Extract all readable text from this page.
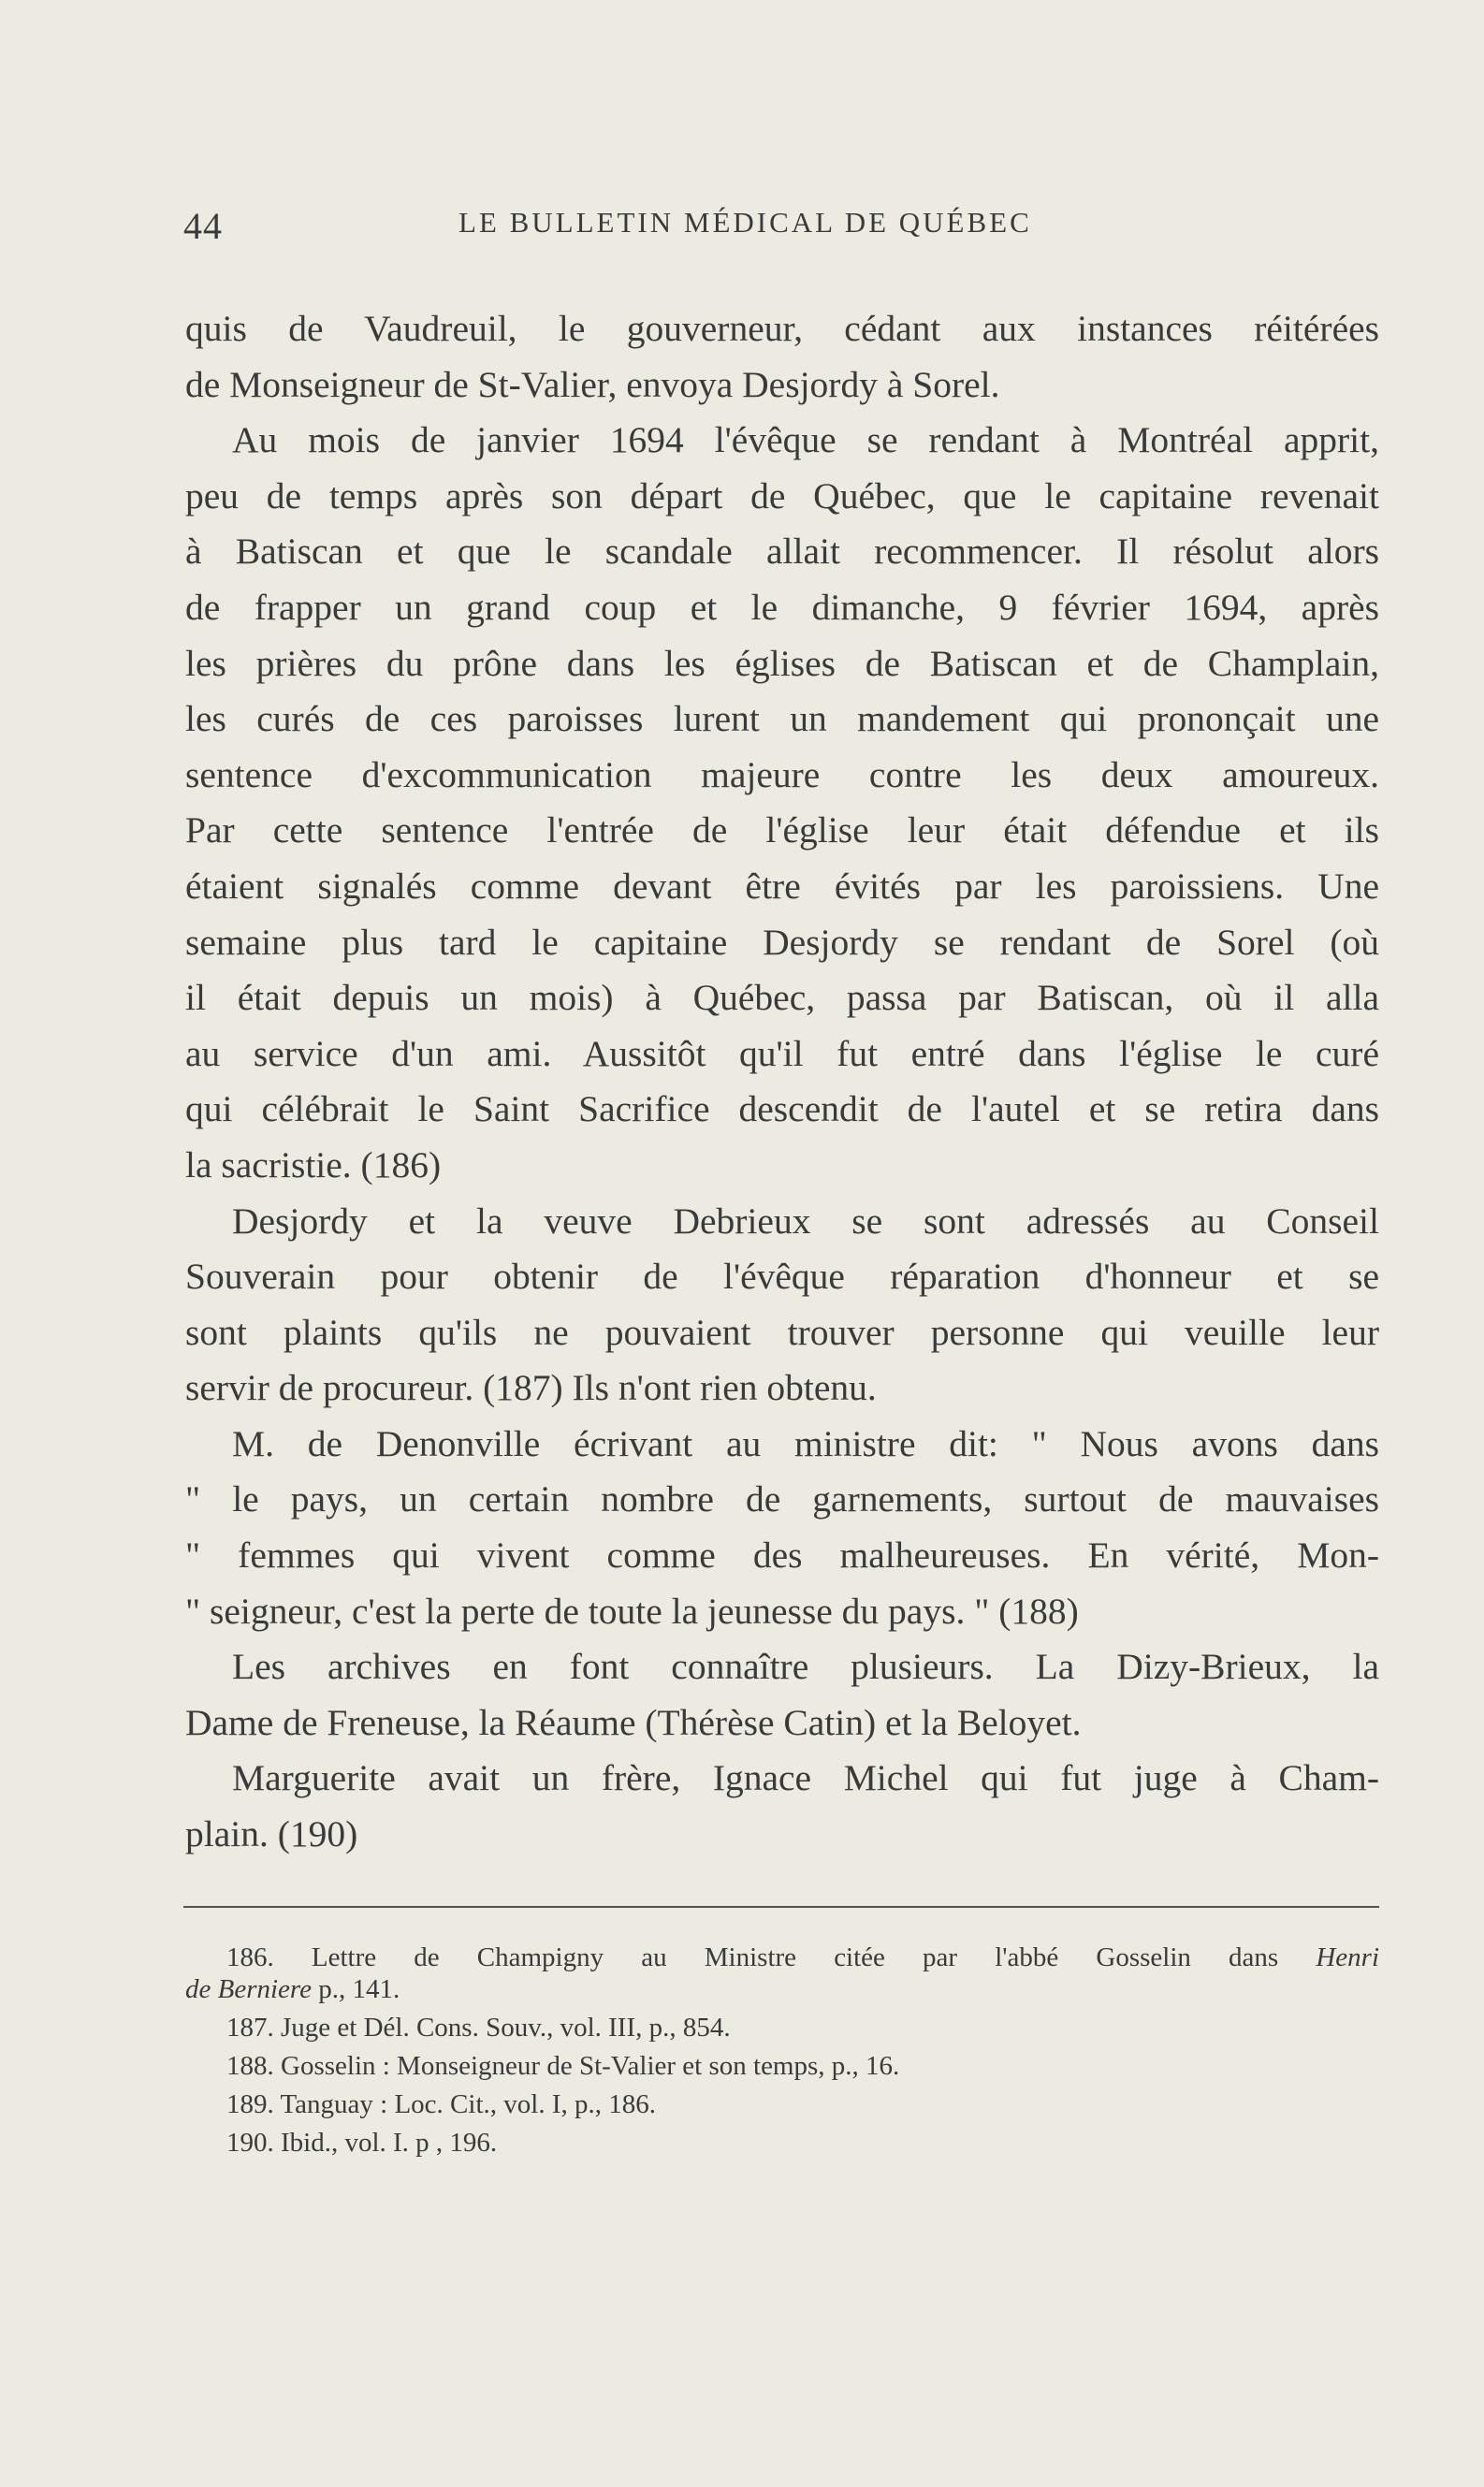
44	LE BULLETIN MÉDICAL DE QUÉBEC
quis de Vaudreuil, le gouverneur, cédant aux instances réitérées
de Monseigneur de St-Valier, envoya Desjordy à Sorel.
Au mois de janvier 1694 l'évêque se rendant à Montréal apprit,
peu de temps après son départ de Québec, que le capitaine revenait
à Batiscan et que le scandale allait recommencer. Il résolut alors
de frapper un grand coup et le dimanche, 9 février 1694, après
les prières du prône dans les églises de Batiscan et de Champlain,
les curés de ces paroisses lurent un mandement qui prononçait une
sentence d'excommunication majeure contre les deux amoureux.
Par cette sentence l'entrée de l'église leur était défendue et ils
étaient signalés comme devant être évités par les paroissiens. Une
semaine plus tard le capitaine Desjordy se rendant de Sorel (où
il était depuis un mois) à Québec, passa par Batiscan, où il alla
au service d'un ami. Aussitôt qu'il fut entré dans l'église le curé
qui célébrait le Saint Sacrifice descendit de l'autel et se retira dans
la sacristie. (186)
Desjordy et la veuve Debrieux se sont adressés au Conseil
Souverain pour obtenir de l'évêque réparation d'honneur et se
sont plaints qu'ils ne pouvaient trouver personne qui veuille leur
servir de procureur. (187) Ils n'ont rien obtenu.
M. de Denonville écrivant au ministre dit: " Nous avons dans
" le pays, un certain nombre de garnements, surtout de mauvaises
" femmes qui vivent comme des malheureuses. En vérité, Mon-
" seigneur, c'est la perte de toute la jeunesse du pays. " (188)
Les archives en font connaître plusieurs. La Dizy-Brieux, la
Dame de Freneuse, la Réaume (Thérèse Catin) et la Beloyet.
Marguerite avait un frère, Ignace Michel qui fut juge à Cham-
plain. (190)
186. Lettre de Champigny au Ministre citée par l'abbé Gosselin dans Henri
de Berniere p., 141.
187. Juge et Dél. Cons. Souv., vol. III, p., 854.
188. Gosselin : Monseigneur de St-Valier et son temps, p., 16.
189. Tanguay : Loc. Cit., vol. I, p., 186.
190. Ibid., vol. I. p , 196.
